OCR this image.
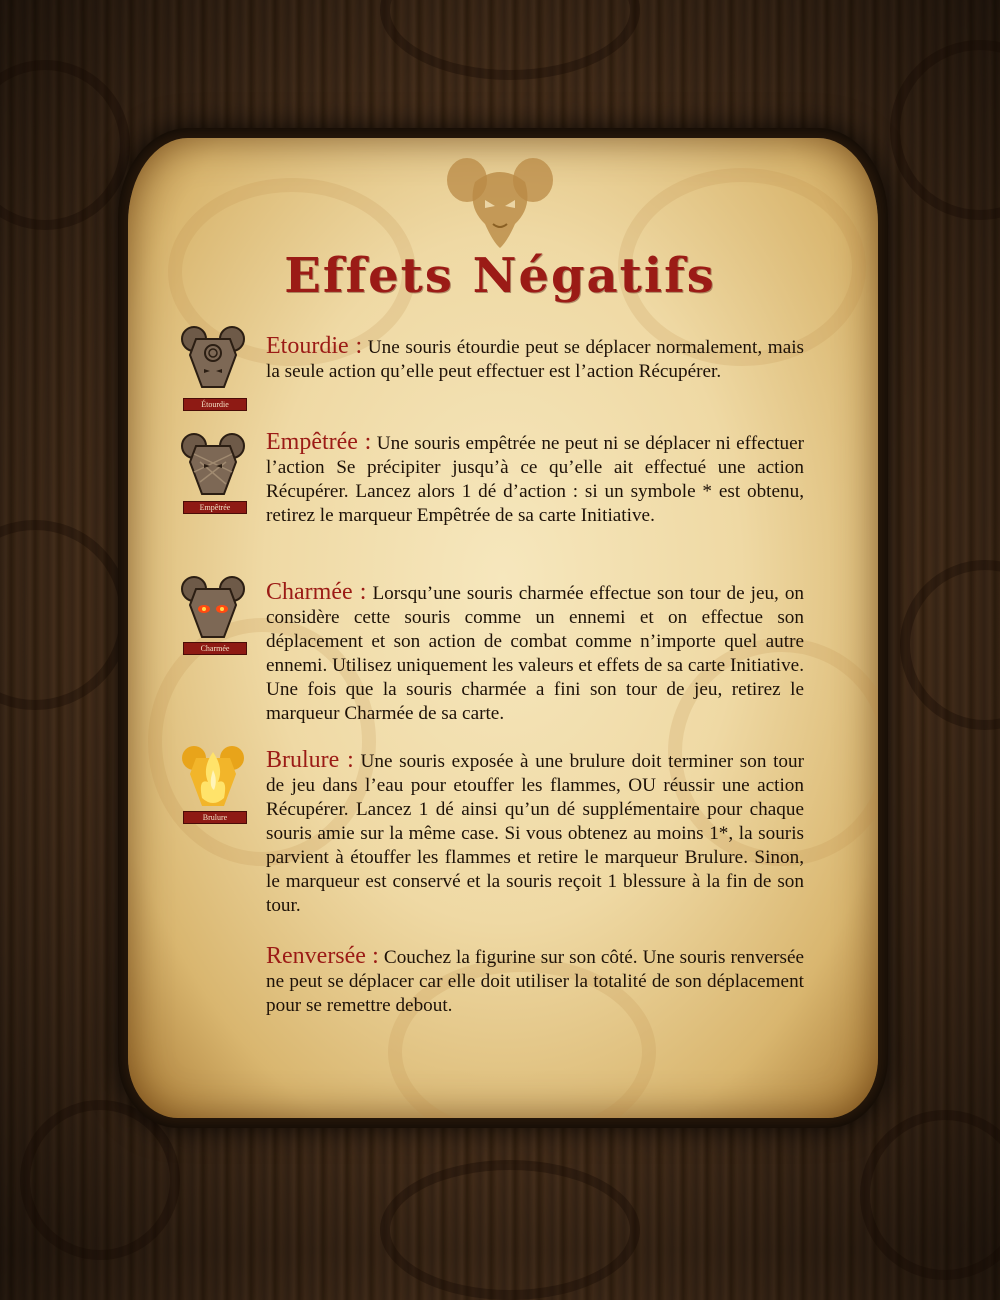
Effets Négatifs
Étourdie
Etourdie : Une souris étourdie peut se déplacer normalement, mais la seule action qu’elle peut effectuer est l’action Récupérer.
Empêtrée
Empêtrée : Une souris empêtrée ne peut ni se déplacer ni effectuer l’action Se précipiter jusqu’à ce qu’elle ait effectué une action Récupérer. Lancez alors 1 dé d’action : si un symbole * est obtenu, retirez le marqueur Empêtrée de sa carte Initiative.
Charmée
Charmée : Lorsqu’une souris charmée effectue son tour de jeu, on considère cette souris comme un ennemi et on effectue son déplacement et son action de combat comme n’importe quel autre ennemi. Utilisez uniquement les valeurs et effets de sa carte Initiative. Une fois que la souris charmée a fini son tour de jeu, retirez le marqueur Charmée de sa carte.
Brulure
Brulure : Une souris exposée à une brulure doit terminer son tour de jeu dans l’eau pour etouffer les flammes, OU réussir une action Récupérer. Lancez 1 dé ainsi qu’un dé supplémentaire pour chaque souris amie sur la même case. Si vous obtenez au moins 1*, la souris parvient à étouffer les flammes et retire le marqueur Brulure. Sinon, le marqueur est conservé et la souris reçoit 1 blessure à la fin de son tour.
Renversée : Couchez la figurine sur son côté. Une souris renversée ne peut se déplacer car elle doit utiliser la totalité de son déplacement pour se remettre debout.
